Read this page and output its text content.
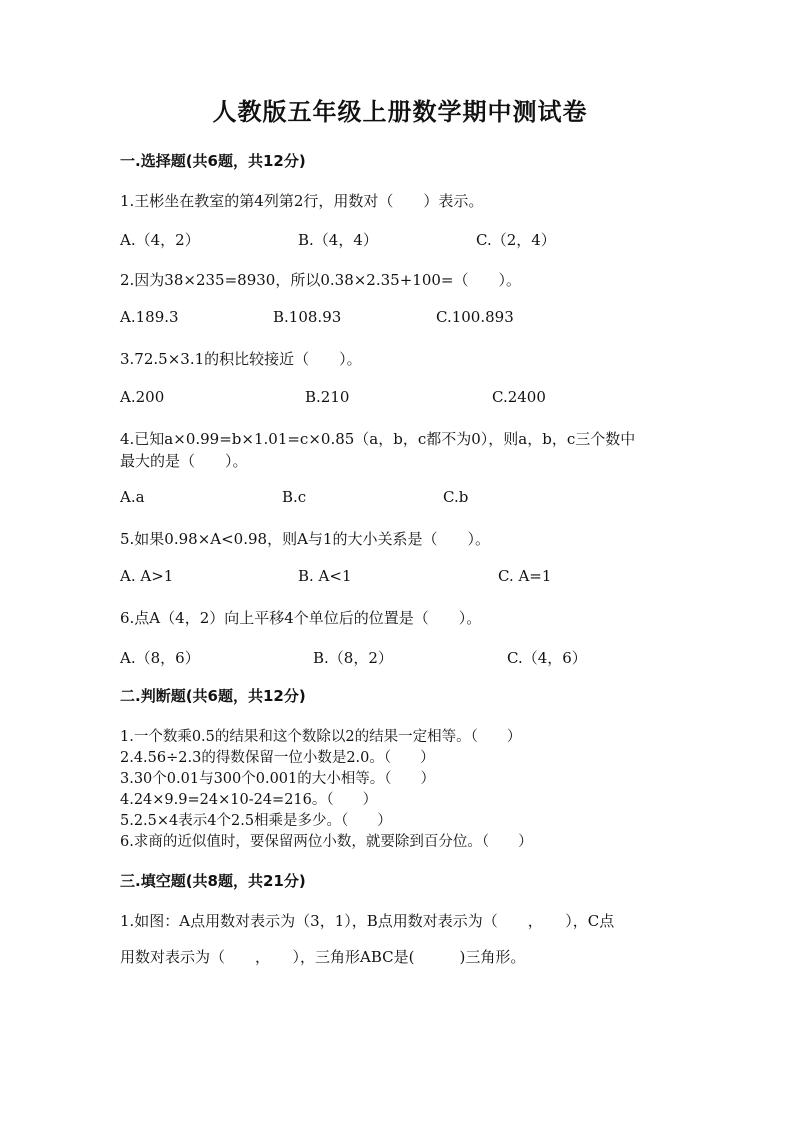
人教版五年级上册数学期中测试卷
一.选择题(共6题，共12分)
1.王彬坐在教室的第4列第2行，用数对（　　）表示。
A.（4，2）	B.（4，4）	C.（2，4）
2.因为38×235=8930，所以0.38×2.35+100=（　　）。
A.189.3	B.108.93	C.100.893
3.72.5×3.1的积比较接近（　　）。
A.200	B.210	C.2400
4.已知a×0.99=b×1.01=c×0.85（a，b，c都不为0），则a，b，c三个数中
最大的是（　　）。
A.a	B.c	C.b
5.如果0.98×A<0.98，则A与1的大小关系是（　　）。
A. A>1	B. A<1	C. A=1
6.点A（4，2）向上平移4个单位后的位置是（　　）。
A.（8，6）	B.（8，2）	C.（4，6）
二.判断题(共6题，共12分)
1.一个数乘0.5的结果和这个数除以2的结果一定相等。（　　）
2.4.56÷2.3的得数保留一位小数是2.0。（　　）
3.30个0.01与300个0.001的大小相等。（　　）
4.24×9.9=24×10-24=216。（　　）
5.2.5×4表示4个2.5相乘是多少。（　　）
6.求商的近似值时，要保留两位小数，就要除到百分位。（　　）
三.填空题(共8题，共21分)
1.如图：A点用数对表示为（3，1），B点用数对表示为（　　，　　），C点
用数对表示为（　　，　　），三角形ABC是(　　　)三角形。
